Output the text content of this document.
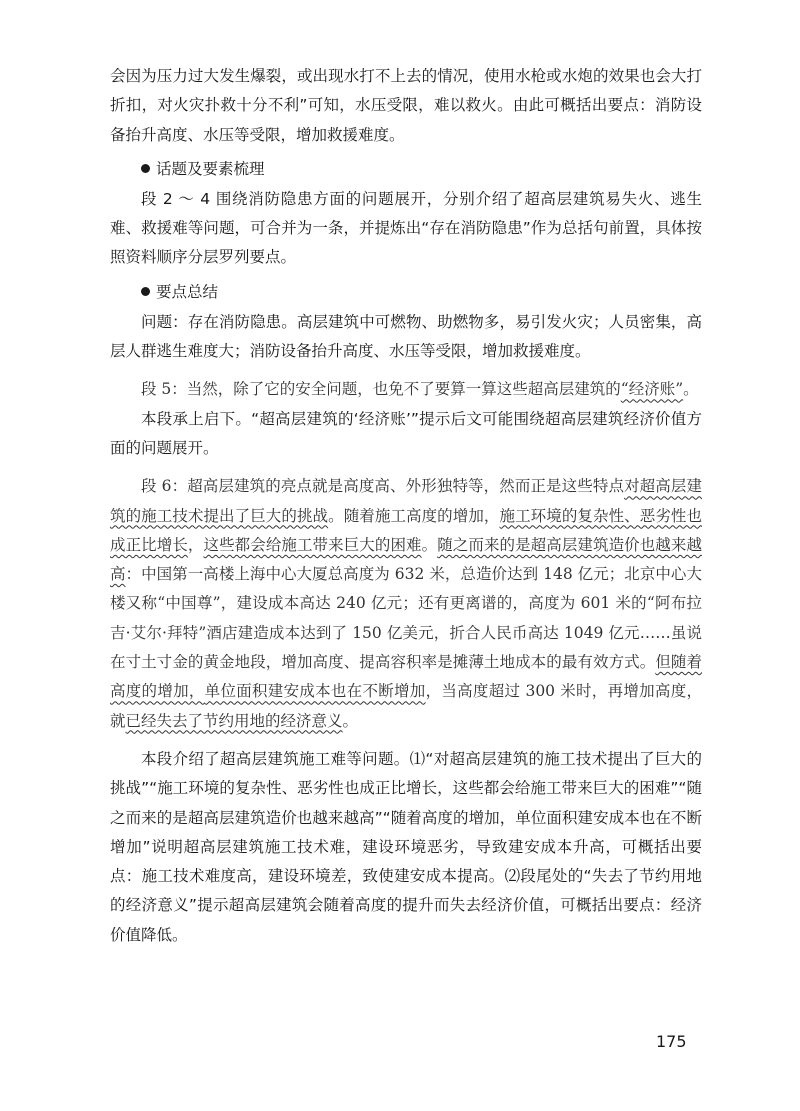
会因为压力过大发生爆裂，或出现水打不上去的情况，使用水枪或水炮的效果也会大打折扣，对火灾扑救十分不利”可知，水压受限，难以救火。由此可概括出要点：消防设备抬升高度、水压等受限，增加救援难度。

话题及要素梳理

段 2 ～ 4 围绕消防隐患方面的问题展开，分别介绍了超高层建筑易失火、逃生难、救援难等问题，可合并为一条，并提炼出“存在消防隐患”作为总括句前置，具体按照资料顺序分层罗列要点。

要点总结

问题：存在消防隐患。高层建筑中可燃物、助燃物多，易引发火灾；人员密集，高层人群逃生难度大；消防设备抬升高度、水压等受限，增加救援难度。

段 5：当然，除了它的安全问题，也免不了要算一算这些超高层建筑的“经济账”。

本段承上启下。“超高层建筑的‘经济账’”提示后文可能围绕超高层建筑经济价值方面的问题展开。

段 6：超高层建筑的亮点就是高度高、外形独特等，然而正是这些特点对超高层建筑的施工技术提出了巨大的挑战。随着施工高度的增加，施工环境的复杂性、恶劣性也成正比增长，这些都会给施工带来巨大的困难。随之而来的是超高层建筑造价也越来越高：中国第一高楼上海中心大厦总高度为 632 米，总造价达到 148 亿元；北京中心大楼又称“中国尊”，建设成本高达 240 亿元；还有更离谱的，高度为 601 米的“阿布拉吉·艾尔·拜特”酒店建造成本达到了 150 亿美元，折合人民币高达 1049 亿元……虽说在寸土寸金的黄金地段，增加高度、提高容积率是摊薄土地成本的最有效方式。但随着高度的增加，单位面积建安成本也在不断增加，当高度超过 300 米时，再增加高度，就已经失去了节约用地的经济意义。

本段介绍了超高层建筑施工难等问题。⑴“对超高层建筑的施工技术提出了巨大的挑战”“施工环境的复杂性、恶劣性也成正比增长，这些都会给施工带来巨大的困难”“随之而来的是超高层建筑造价也越来越高”“随着高度的增加，单位面积建安成本也在不断增加”说明超高层建筑施工技术难，建设环境恶劣，导致建安成本升高，可概括出要点：施工技术难度高，建设环境差，致使建安成本提高。⑵段尾处的“失去了节约用地的经济意义”提示超高层建筑会随着高度的提升而失去经济价值，可概括出要点：经济价值降低。

175
